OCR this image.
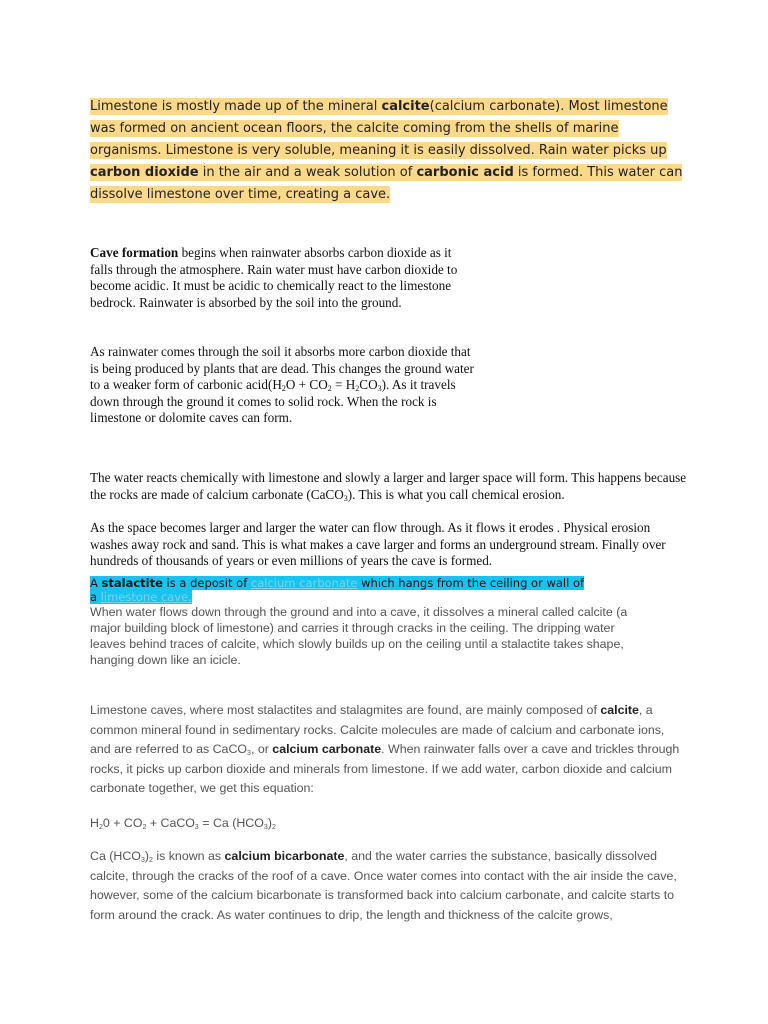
Limestone is mostly made up of the mineral calcite(calcium carbonate). Most limestone was formed on ancient ocean floors, the calcite coming from the shells of marine organisms. Limestone is very soluble, meaning it is easily dissolved. Rain water picks up carbon dioxide in the air and a weak solution of carbonic acid is formed. This water can dissolve limestone over time, creating a cave.
Cave formation begins when rainwater absorbs carbon dioxide as it falls through the atmosphere. Rain water must have carbon dioxide to become acidic. It must be acidic to chemically react to the limestone bedrock. Rainwater is absorbed by the soil into the ground.
As rainwater comes through the soil it absorbs more carbon dioxide that is being produced by plants that are dead. This changes the ground water to a weaker form of carbonic $acid(H_2O + CO_2 = H_2CO_3)$. As it travels down through the ground it comes to solid rock. When the rock is limestone or dolomite caves can form.
The water reacts chemically with limestone and slowly a larger and larger space will form. This happens because the rocks are made of calcium carbonate (CaCO$_3$). This is what you call chemical erosion.
As the space becomes larger and larger the water can flow through. As it flows it erodes . Physical erosion washes away rock and sand. This is what makes a cave larger and forms an underground stream. Finally over hundreds of thousands of years or even millions of years the cave is formed.
A stalactite is a deposit of calcium carbonate which hangs from the ceiling or wall of a limestone cave.
When water flows down through the ground and into a cave, it dissolves a mineral called calcite (a major building block of limestone) and carries it through cracks in the ceiling. The dripping water leaves behind traces of calcite, which slowly builds up on the ceiling until a stalactite takes shape, hanging down like an icicle.
Limestone caves, where most stalactites and stalagmites are found, are mainly composed of calcite, a common mineral found in sedimentary rocks. Calcite molecules are made of calcium and carbonate ions, and are referred to as CaCO$_3$, or calcium carbonate. When rainwater falls over a cave and trickles through rocks, it picks up carbon dioxide and minerals from limestone. If we add water, carbon dioxide and calcium carbonate together, we get this equation:
$H_20 + CO_2$ + CaCO$_3$ = Ca $(HCO_3)_2$
Ca $(HCO_3)_2$ is known as calcium bicarbonate, and the water carries the substance, basically dissolved calcite, through the cracks of the roof of a cave. Once water comes into contact with the air inside the cave, however, some of the calcium bicarbonate is transformed back into calcium carbonate, and calcite starts to form around the crack. As water continues to drip, the length and thickness of the calcite grows,
